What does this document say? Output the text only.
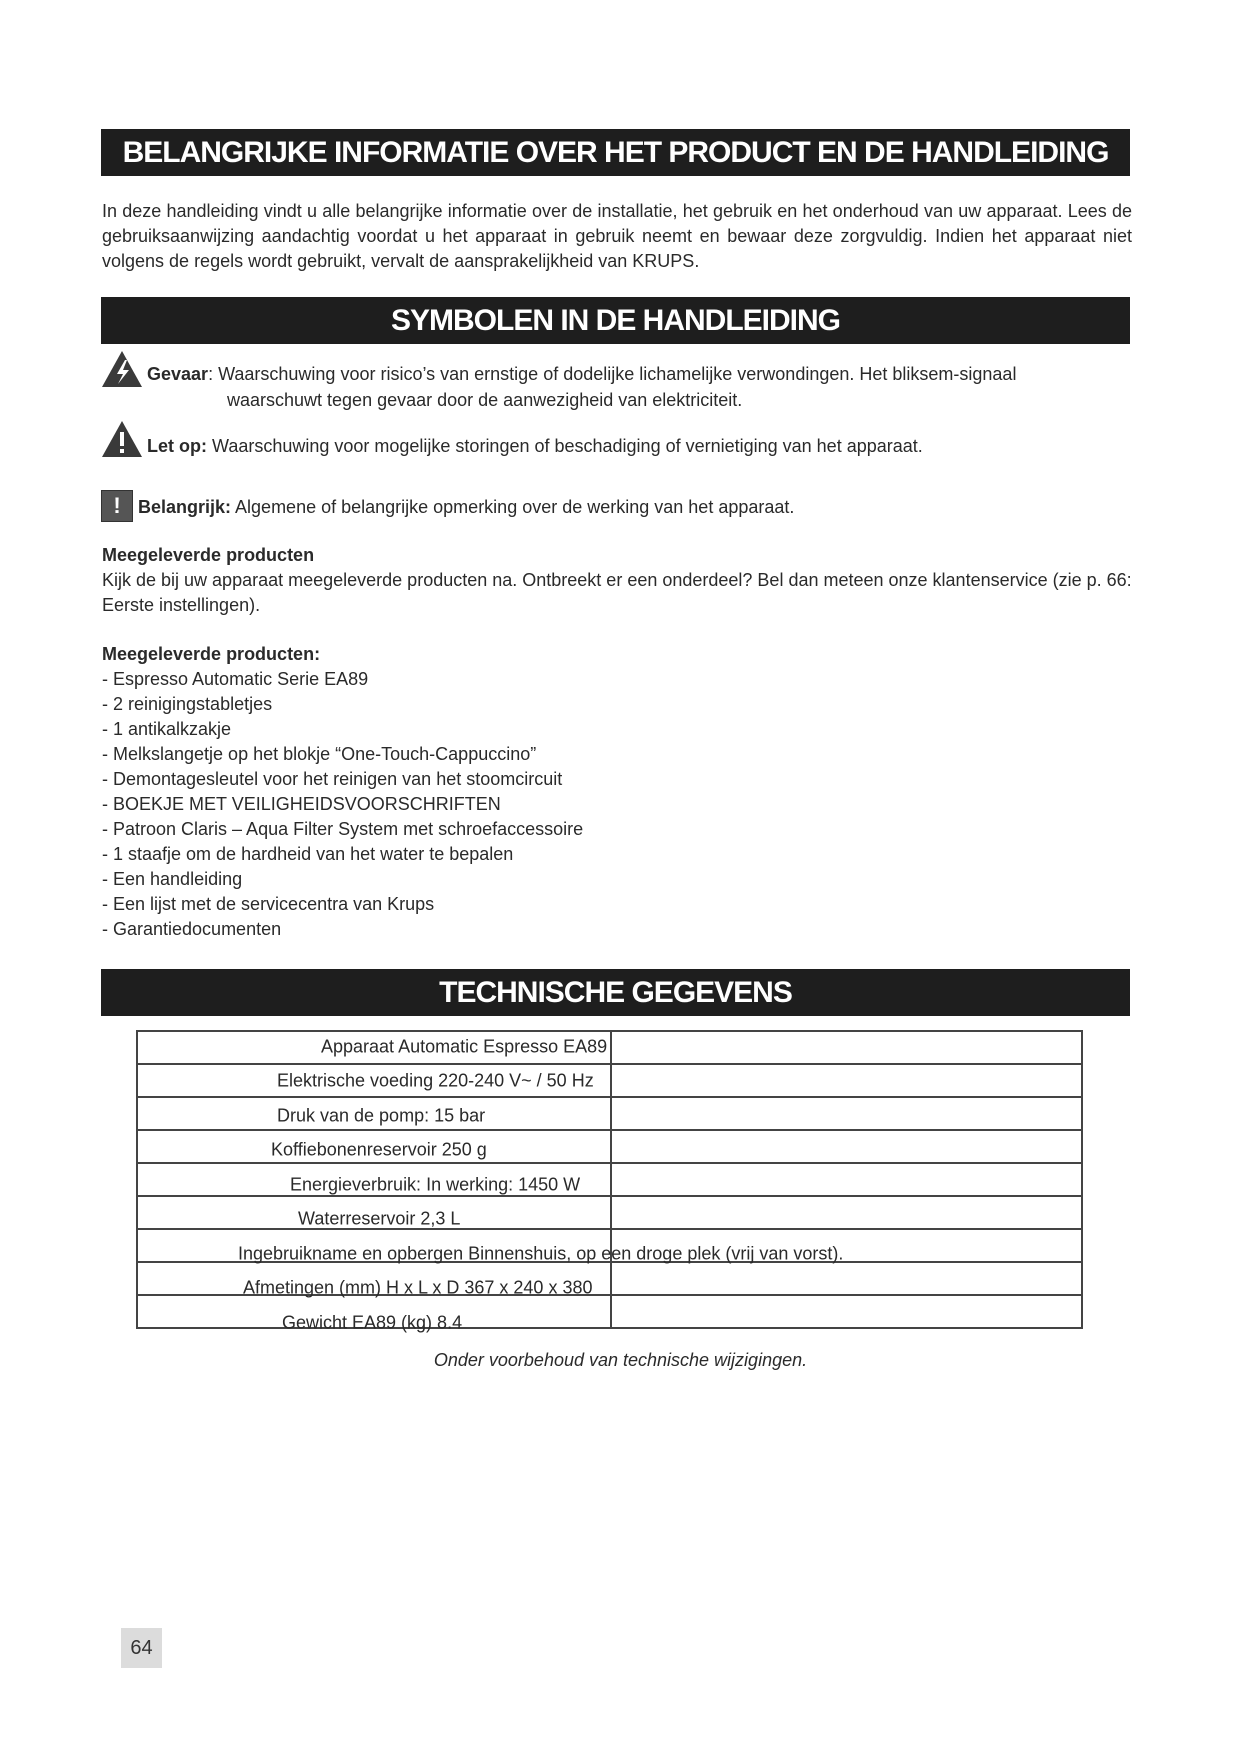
BELANGRIJKE INFORMATIE OVER HET PRODUCT EN DE HANDLEIDING
In deze handleiding vindt u alle belangrijke informatie over de installatie, het gebruik en het onderhoud van uw apparaat. Lees de gebruiksaanwijzing aandachtig voordat u het apparaat in gebruik neemt en bewaar deze zorgvuldig. Indien het apparaat niet volgens de regels wordt gebruikt, vervalt de aansprakelijkheid van KRUPS.
SYMBOLEN IN DE HANDLEIDING
Gevaar: Waarschuwing voor risico’s van ernstige of dodelijke lichamelijke verwondingen. Het bliksem-signaal
waarschuwt tegen gevaar door de aanwezigheid van elektriciteit.
Let op: Waarschuwing voor mogelijke storingen of beschadiging of vernietiging van het apparaat.
! Belangrijk: Algemene of belangrijke opmerking over de werking van het apparaat.
Meegeleverde producten
Kijk de bij uw apparaat meegeleverde producten na. Ontbreekt er een onderdeel? Bel dan meteen onze klantenservice (zie p. 66: Eerste instellingen).
Meegeleverde producten:
- Espresso Automatic Serie EA89
- 2 reinigingstabletjes
- 1 antikalkzakje
- Melkslangetje op het blokje “One-Touch-Cappuccino”
- Demontagesleutel voor het reinigen van het stoomcircuit
- BOEKJE MET VEILIGHEIDSVOORSCHRIFTEN
- Patroon Claris – Aqua Filter System met schroefaccessoire
- 1 staafje om de hardheid van het water te bepalen
- Een handleiding
- Een lijst met de servicecentra van Krups
- Garantiedocumenten
TECHNISCHE GEGEVENS

Apparaat Automatic Espresso EA89
Elektrische voeding 220-240 V~ / 50 Hz
Druk van de pomp: 15 bar
Koffiebonenreservoir 250 g
Energieverbruik: In werking: 1450 W
Waterreservoir 2,3 L
Ingebruikname en opbergen Binnenshuis, op een droge plek (vrij van vorst).
Afmetingen (mm) H x L x D 367 x 240 x 380
Gewicht EA89 (kg) 8.4
Onder voorbehoud van technische wijzigingen.
64
